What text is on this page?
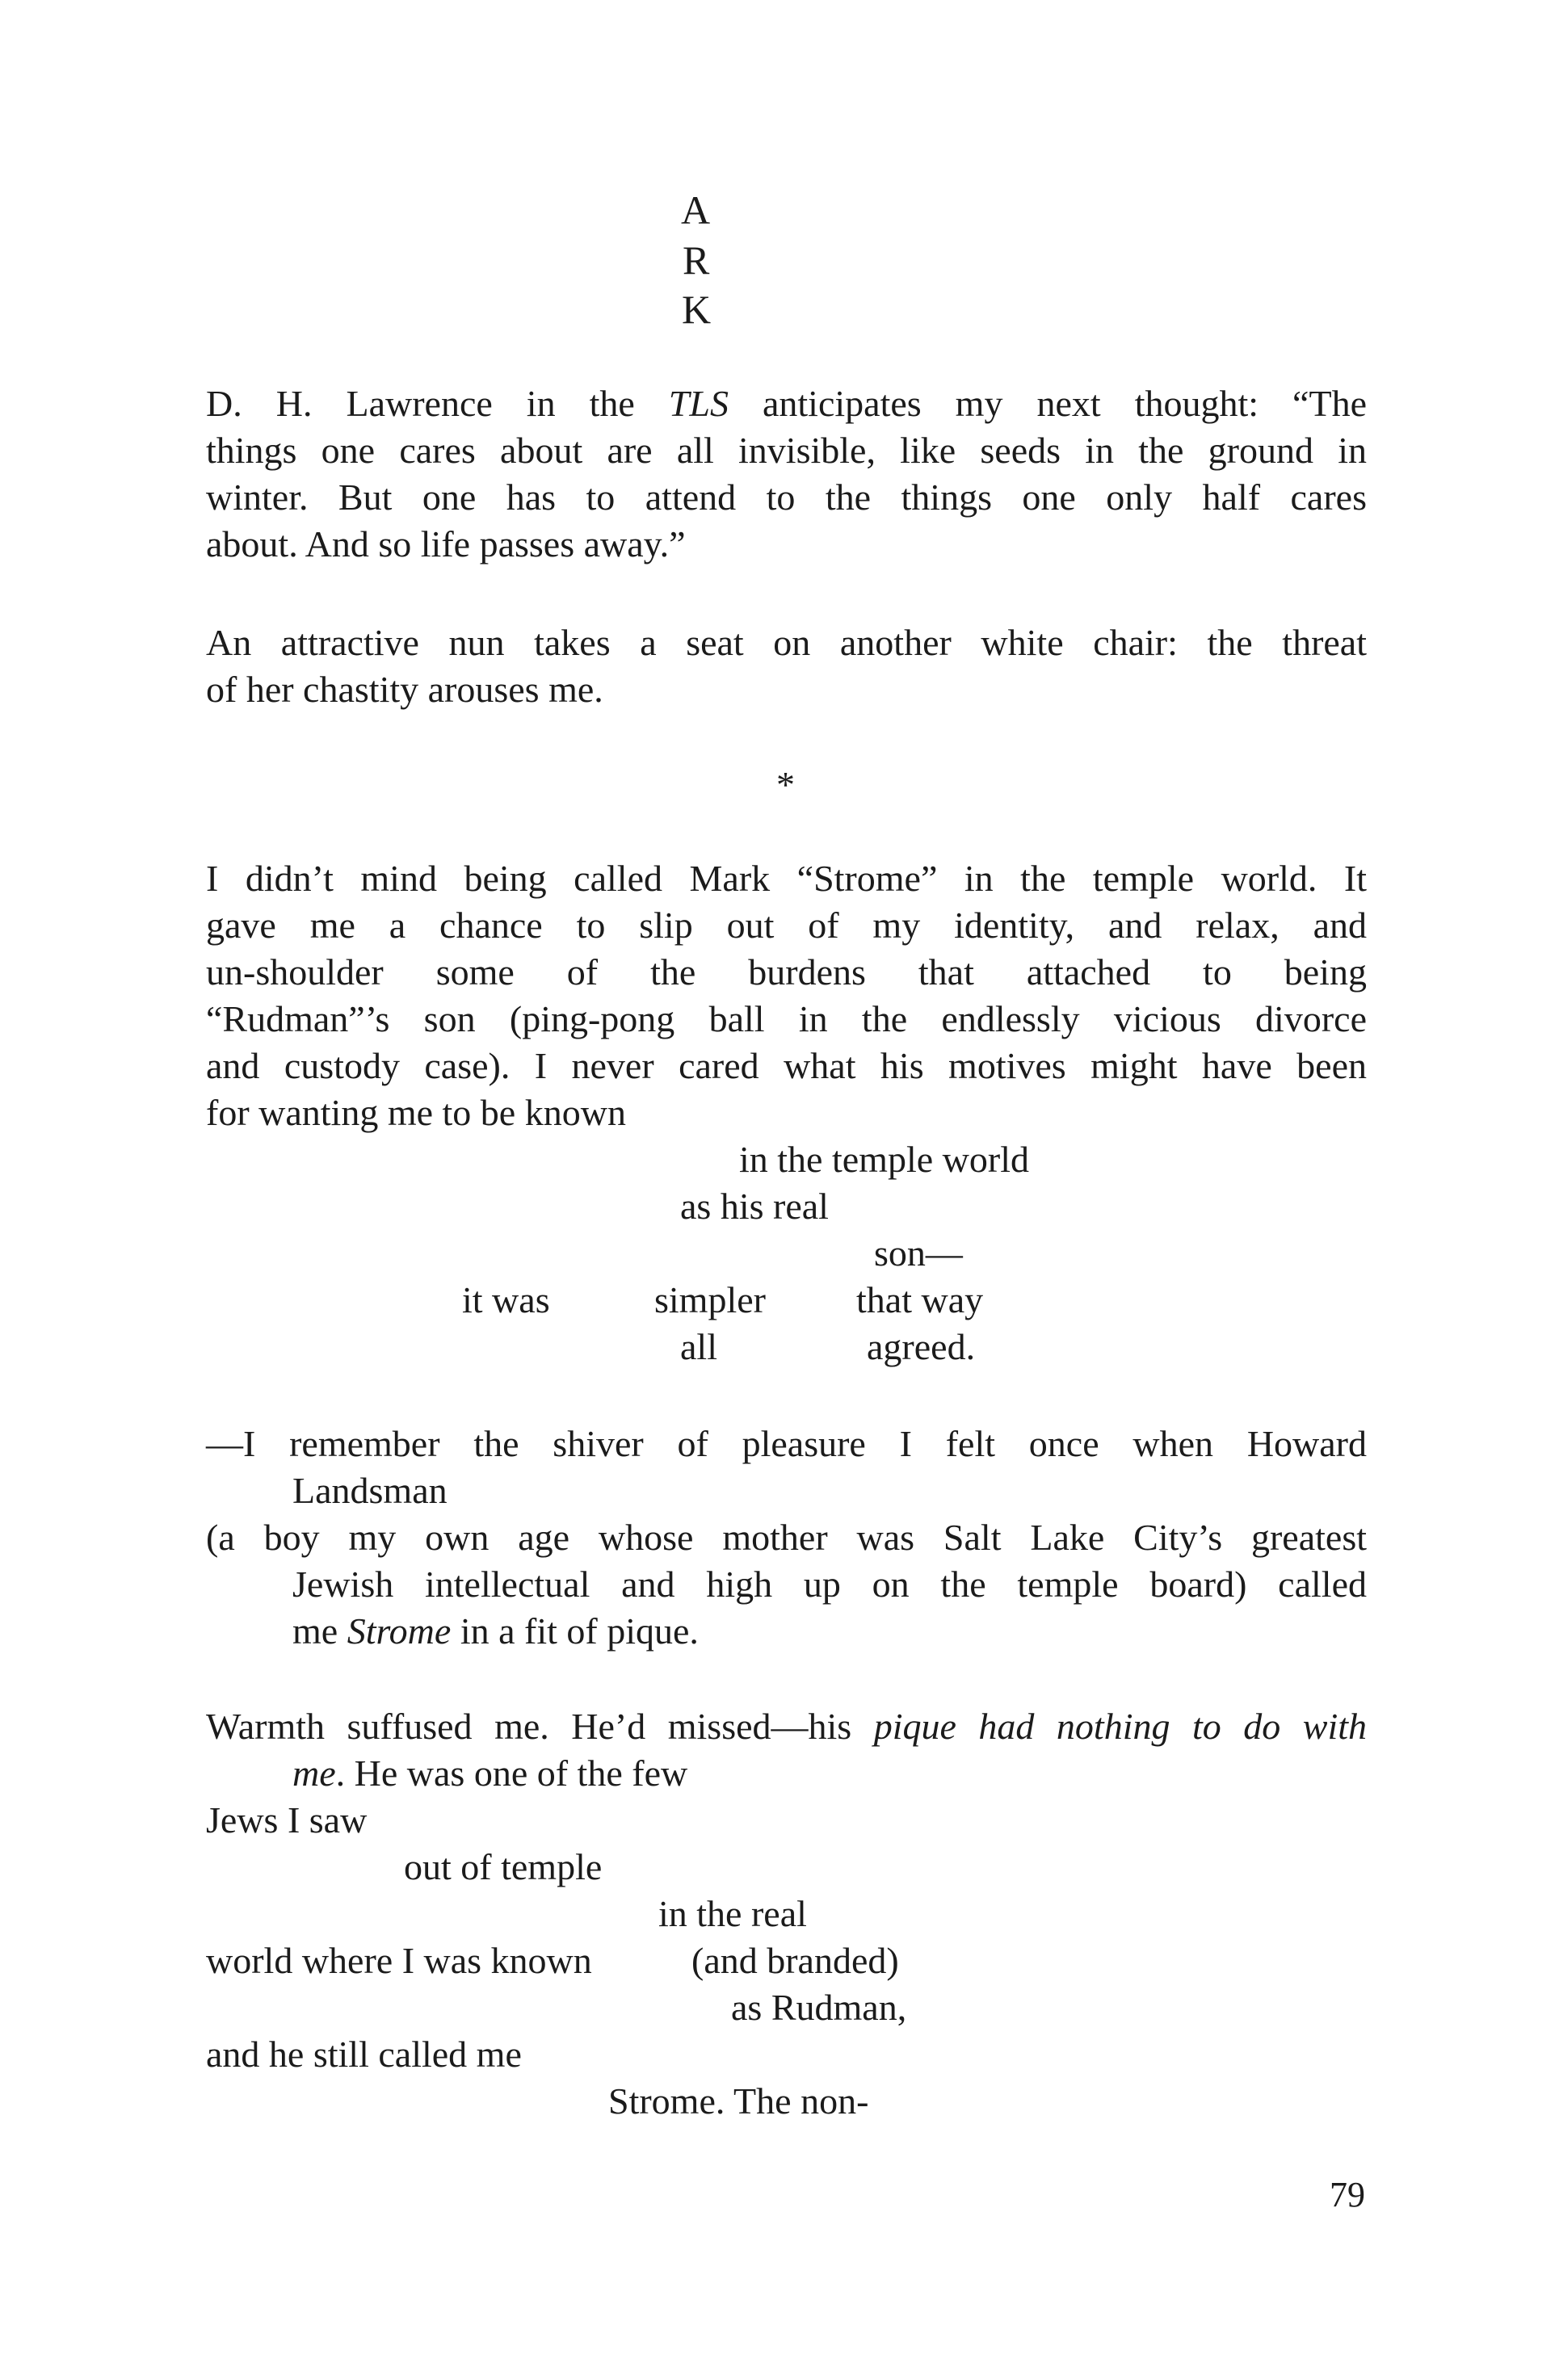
A
R
K
D. H. Lawrence in the TLS anticipates my next thought: “The
things one cares about are all invisible, like seeds in the ground in
winter. But one has to attend to the things one only half cares
about. And so life passes away.”
An attractive nun takes a seat on another white chair: the threat
of her chastity arouses me.
*
I didn’t mind being called Mark “Strome” in the temple world. It
gave me a chance to slip out of my identity, and relax, and
un-shoulder some of the burdens that attached to being
“Rudman”’s son (ping-pong ball in the endlessly vicious divorce
and custody case). I never cared what his motives might have been
for wanting me to be known
in the temple world
as his real
son—
it was	simpler that way
all	agreed.
—I remember the shiver of pleasure I felt once when Howard
Landsman
(a boy my own age whose mother was Salt Lake City’s greatest
Jewish intellectual and high up on the temple board) called
me Strome in a fit of pique.
Warmth suffused me. He’d missed—his pique had nothing to do with
me. He was one of the few
Jews I saw
out of temple
in the real
world where I was known	(and branded)
as Rudman,
and he still called me
Strome. The non-
79
